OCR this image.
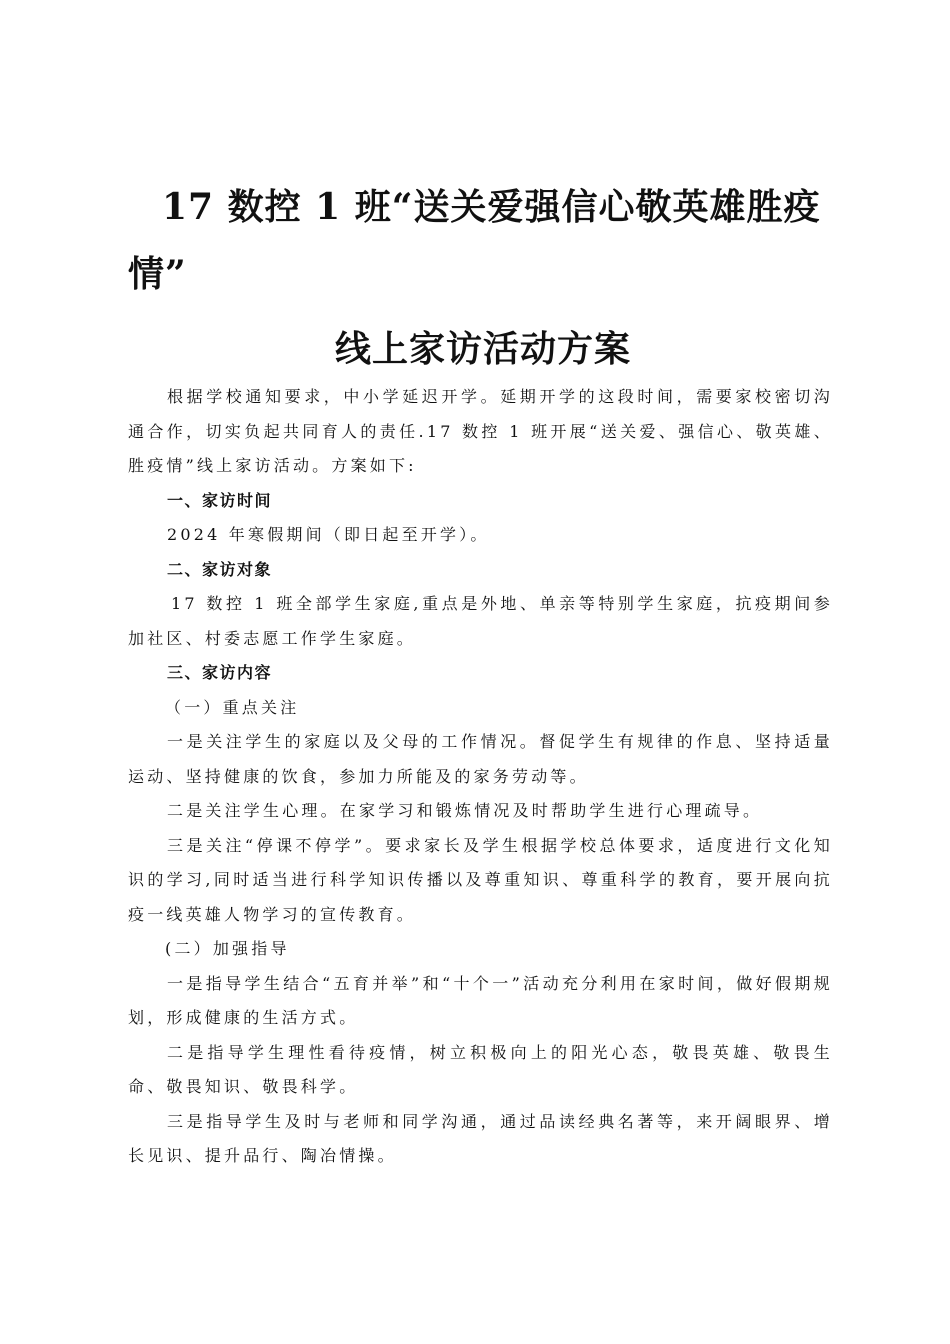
17 数控 1 班“送关爱强信心敬英雄胜疫
情”
线上家访活动方案

根据学校通知要求，中小学延迟开学。延期开学的这段时间，需要家校密切沟通合作，切实负起共同育人的责任.17 数控 1 班开展“送关爱、强信心、敬英雄、胜疫情”线上家访活动。方案如下:

一、家访时间

2024 年寒假期间（即日起至开学）。

二、家访对象

17 数控 1 班全部学生家庭,重点是外地、单亲等特别学生家庭，抗疫期间参加社区、村委志愿工作学生家庭。

三、家访内容

（一）重点关注

一是关注学生的家庭以及父母的工作情况。督促学生有规律的作息、坚持适量运动、坚持健康的饮食，参加力所能及的家务劳动等。

二是关注学生心理。在家学习和锻炼情况及时帮助学生进行心理疏导。

三是关注“停课不停学”。要求家长及学生根据学校总体要求，适度进行文化知识的学习,同时适当进行科学知识传播以及尊重知识、尊重科学的教育，要开展向抗疫一线英雄人物学习的宣传教育。

(二）加强指导

一是指导学生结合“五育并举”和“十个一”活动充分利用在家时间，做好假期规划，形成健康的生活方式。

二是指导学生理性看待疫情，树立积极向上的阳光心态，敬畏英雄、敬畏生命、敬畏知识、敬畏科学。

三是指导学生及时与老师和同学沟通，通过品读经典名著等，来开阔眼界、增长见识、提升品行、陶冶情操。
